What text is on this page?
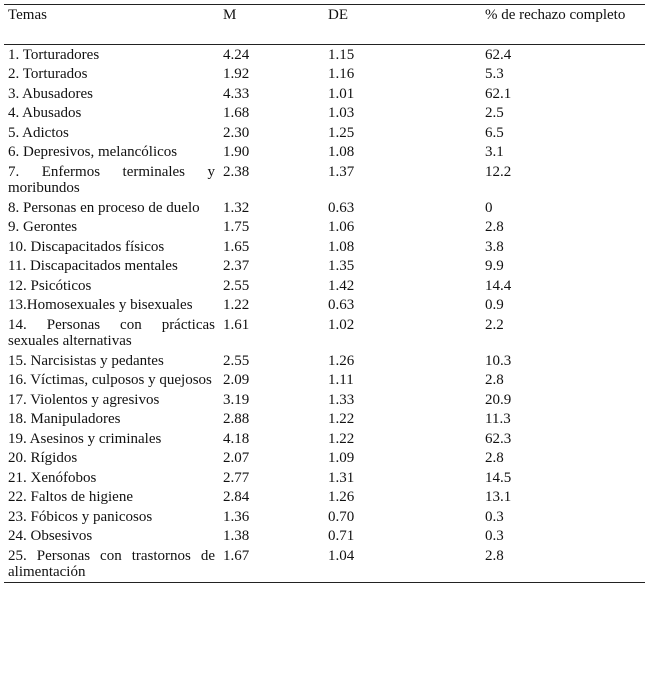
Temas	M	DE	% de rechazo completo
1. Torturadores	4.24	1.15	62.4
2. Torturados	1.92	1.16	5.3
3. Abusadores	4.33	1.01	62.1
4. Abusados	1.68	1.03	2.5
5. Adictos	2.30	1.25	6.5
6. Depresivos, melancólicos	1.90	1.08	3.1
7. Enfermos terminales y moribundos	2.38	1.37	12.2
8. Personas en proceso de duelo	1.32	0.63	0
9. Gerontes	1.75	1.06	2.8
10. Discapacitados físicos	1.65	1.08	3.8
11. Discapacitados mentales	2.37	1.35	9.9
12. Psicóticos	2.55	1.42	14.4
13.Homosexuales y bisexuales	1.22	0.63	0.9
14. Personas con prácticas sexuales alternativas	1.61	1.02	2.2
15. Narcisistas y pedantes	2.55	1.26	10.3
16. Víctimas, culposos y quejosos	2.09	1.11	2.8
17. Violentos y agresivos	3.19	1.33	20.9
18. Manipuladores	2.88	1.22	11.3
19. Asesinos y criminales	4.18	1.22	62.3
20. Rígidos	2.07	1.09	2.8
21. Xenófobos	2.77	1.31	14.5
22. Faltos de higiene	2.84	1.26	13.1
23. Fóbicos y panicosos	1.36	0.70	0.3
24. Obsesivos	1.38	0.71	0.3
25. Personas con trastornos de alimentación	1.67	1.04	2.8
